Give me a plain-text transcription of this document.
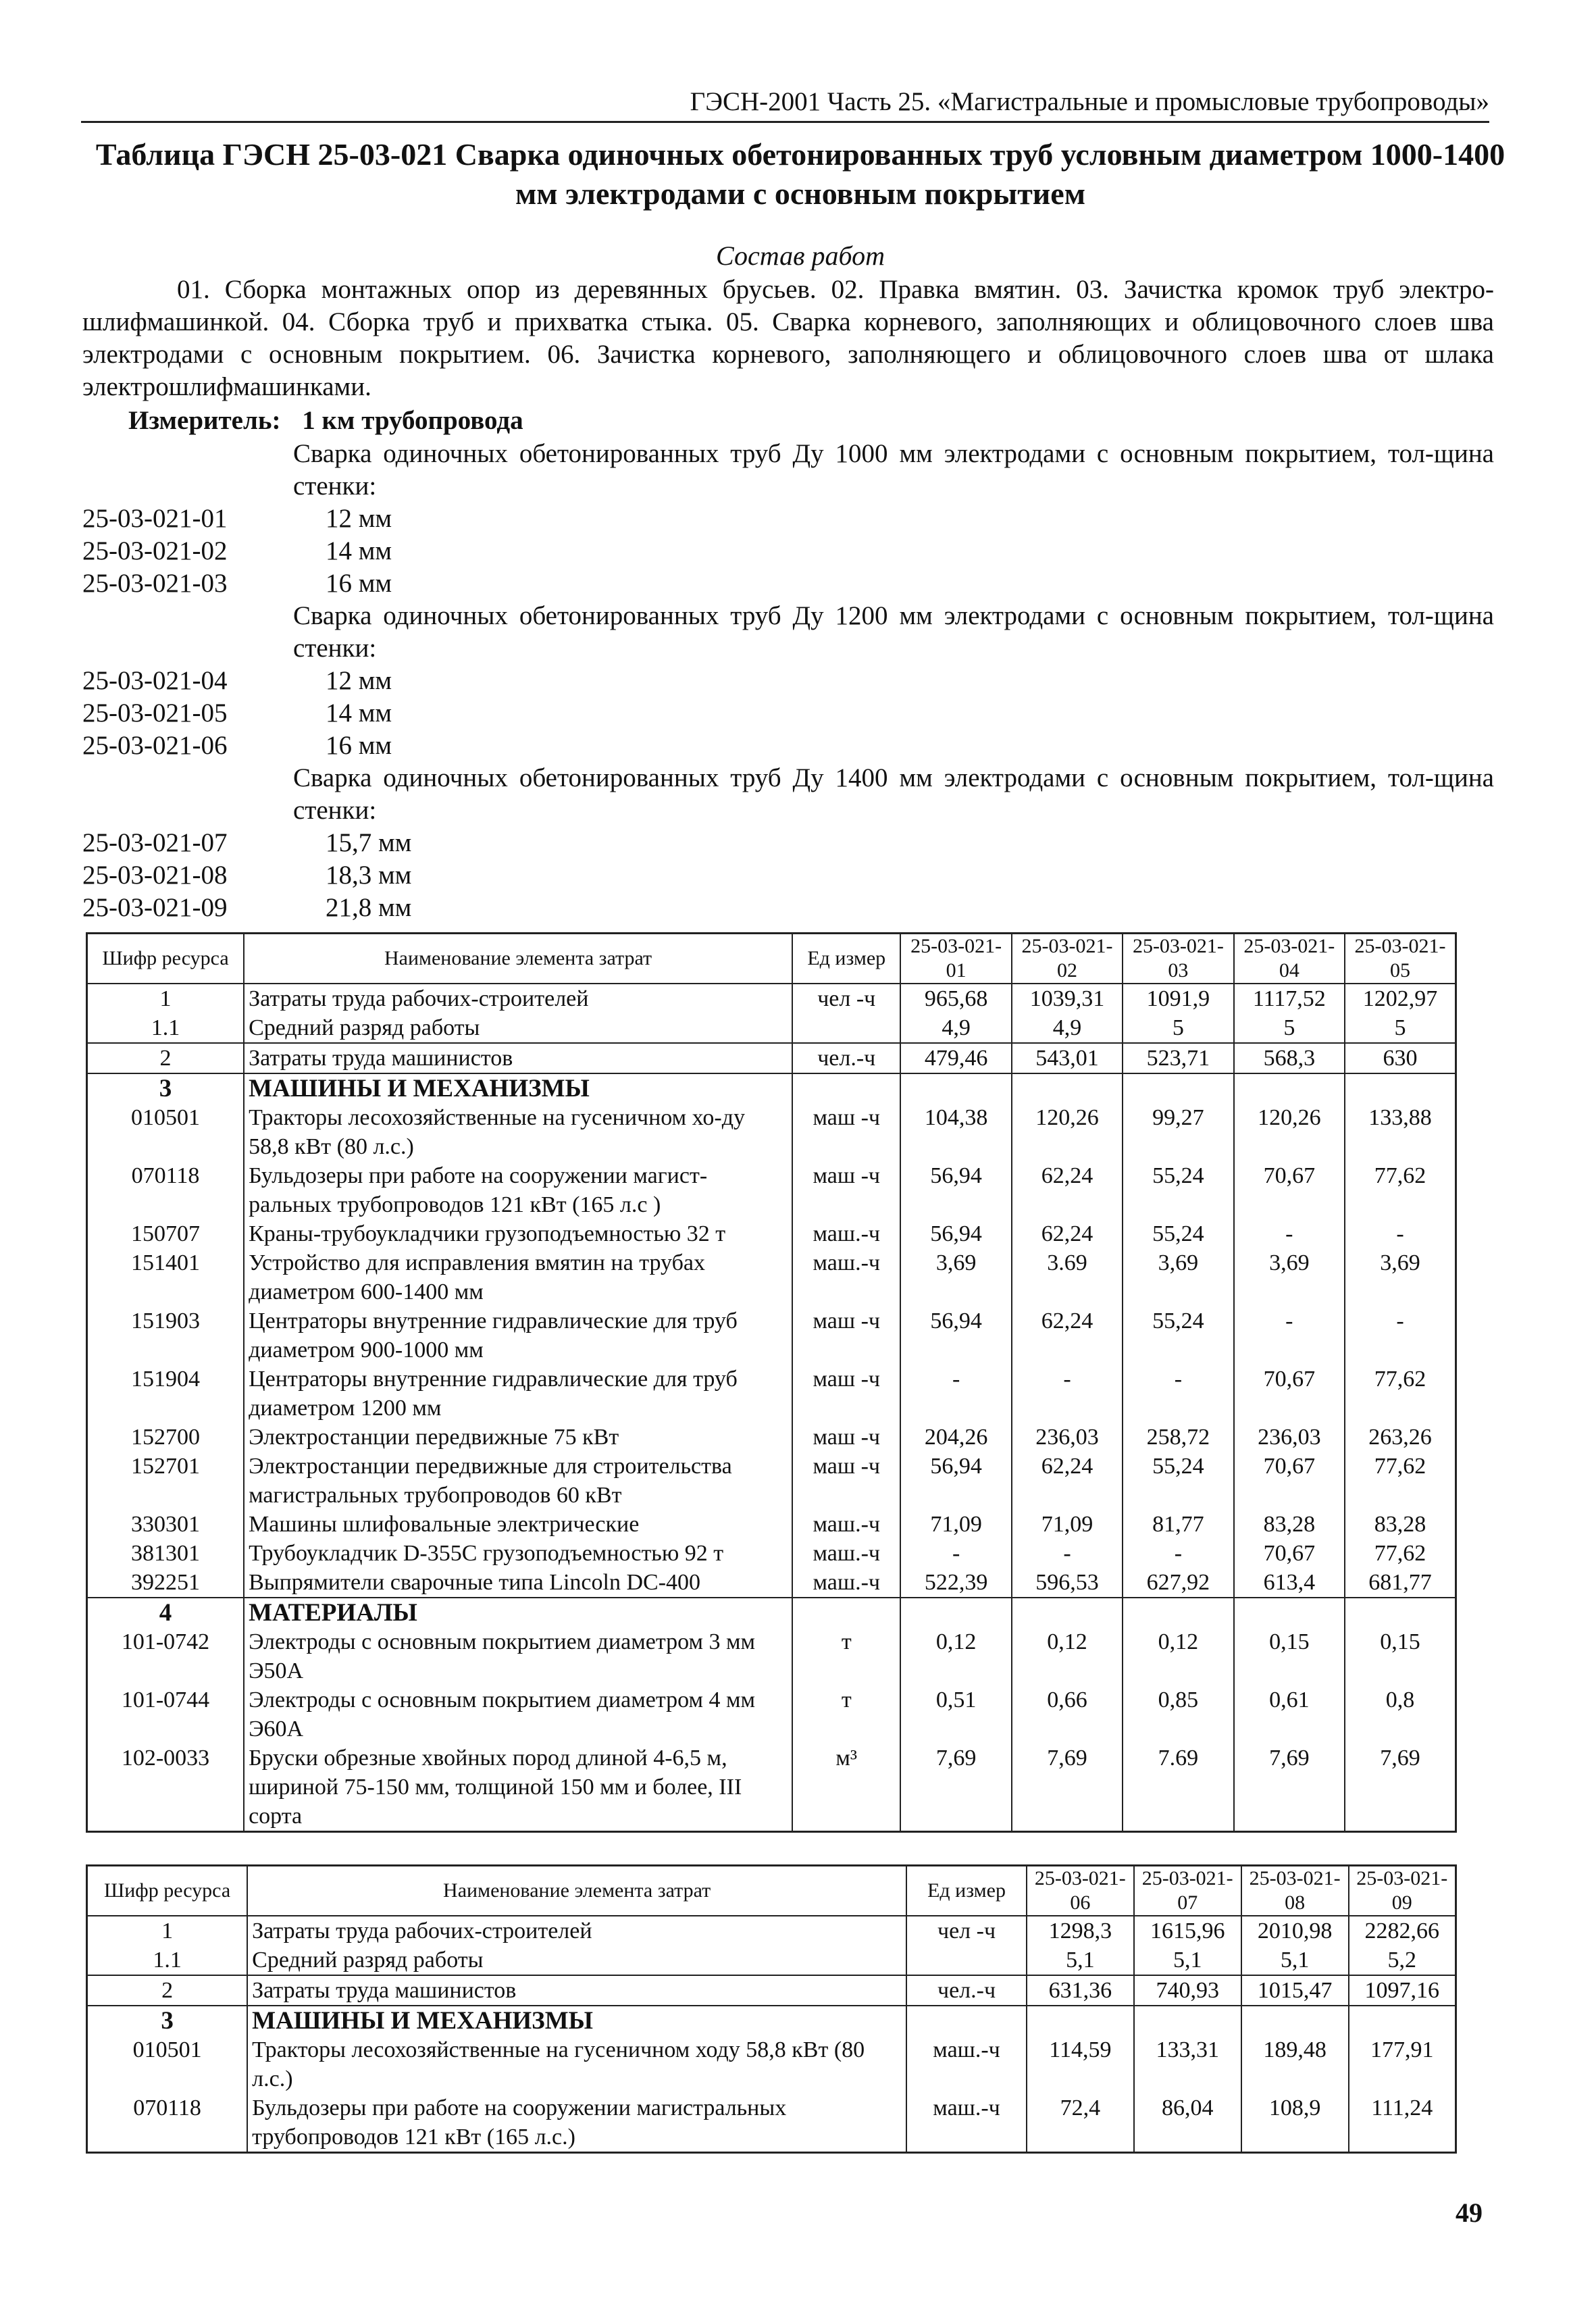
ГЭСН-2001 Часть 25. «Магистральные и промысловые трубопроводы»
Таблица ГЭСН 25-03-021 Сварка одиночных обетонированных труб условным диаметром 1000-1400 мм электродами с основным покрытием
Состав работ
01. Сборка монтажных опор из деревянных брусьев. 02. Правка вмятин. 03. Зачистка кромок труб электро-шлифмашинкой. 04. Сборка труб и прихватка стыка. 05. Сварка корневого, заполняющих и облицовочного слоев шва электродами с основным покрытием. 06. Зачистка корневого, заполняющего и облицовочного слоев шва от шлака электрошлифмашинками.
Измеритель: 1 км трубопровода
Сварка одиночных обетонированных труб Ду 1000 мм электродами с основным покрытием, тол-щина стенки:
25-03-021-01	12 мм
25-03-021-02	14 мм
25-03-021-03	16 мм
Сварка одиночных обетонированных труб Ду 1200 мм электродами с основным покрытием, тол-щина стенки:
25-03-021-04	12 мм
25-03-021-05	14 мм
25-03-021-06	16 мм
Сварка одиночных обетонированных труб Ду 1400 мм электродами с основным покрытием, тол-щина стенки:
25-03-021-07	15,7 мм
25-03-021-08	18,3 мм
25-03-021-09	21,8 мм
Шифр ресурса	Наименование элемента затрат	Ед измер	25-03-021-01	25-03-021-02	25-03-021-03	25-03-021-04	25-03-021-05
1	Затраты труда рабочих-строителей	чел -ч	965,68	1039,31	1091,9	1117,52	1202,97
1.1	Средний разряд работы		4,9	4,9	5	5	5
2	Затраты труда машинистов	чел.-ч	479,46	543,01	523,71	568,3	630
3	МАШИНЫ И МЕХАНИЗМЫ						
010501	Тракторы лесохозяйственные на гусеничном хо-ду 58,8 кВт (80 л.с.)	маш -ч	104,38	120,26	99,27	120,26	133,88
070118	Бульдозеры при работе на сооружении магист-ральных трубопроводов 121 кВт (165 л.с )	маш -ч	56,94	62,24	55,24	70,67	77,62
150707	Краны-трубоукладчики грузоподъемностью 32 т	маш.-ч	56,94	62,24	55,24	-	-
151401	Устройство для исправления вмятин на трубах диаметром 600-1400 мм	маш.-ч	3,69	3.69	3,69	3,69	3,69
151903	Центраторы внутренние гидравлические для труб диаметром 900-1000 мм	маш -ч	56,94	62,24	55,24	-	-
151904	Центраторы внутренние гидравлические для труб диаметром 1200 мм	маш -ч	-	-	-	70,67	77,62
152700	Электростанции передвижные 75 кВт	маш -ч	204,26	236,03	258,72	236,03	263,26
152701	Электростанции передвижные для строительства магистральных трубопроводов 60 кВт	маш -ч	56,94	62,24	55,24	70,67	77,62
330301	Машины шлифовальные электрические	маш.-ч	71,09	71,09	81,77	83,28	83,28
381301	Трубоукладчик D-355C грузоподъемностью 92 т	маш.-ч	-	-	-	70,67	77,62
392251	Выпрямители сварочные типа Lincoln DC-400	маш.-ч	522,39	596,53	627,92	613,4	681,77
4	МАТЕРИАЛЫ						
101-0742	Электроды с основным покрытием диаметром 3 мм Э50А	т	0,12	0,12	0,12	0,15	0,15
101-0744	Электроды с основным покрытием диаметром 4 мм Э60А	т	0,51	0,66	0,85	0,61	0,8
102-0033	Бруски обрезные хвойных пород длиной 4-6,5 м, шириной 75-150 мм, толщиной 150 мм и более, III сорта	м³	7,69	7,69	7.69	7,69	7,69
Шифр ресурса	Наименование элемента затрат	Ед измер	25-03-021-06	25-03-021-07	25-03-021-08	25-03-021-09
1	Затраты труда рабочих-строителей	чел -ч	1298,3	1615,96	2010,98	2282,66
1.1	Средний разряд работы		5,1	5,1	5,1	5,2
2	Затраты труда машинистов	чел.-ч	631,36	740,93	1015,47	1097,16
3	МАШИНЫ И МЕХАНИЗМЫ					
010501	Тракторы лесохозяйственные на гусеничном ходу 58,8 кВт (80 л.с.)	маш.-ч	114,59	133,31	189,48	177,91
070118	Бульдозеры при работе на сооружении магистральных трубопроводов 121 кВт (165 л.с.)	маш.-ч	72,4	86,04	108,9	111,24
49
